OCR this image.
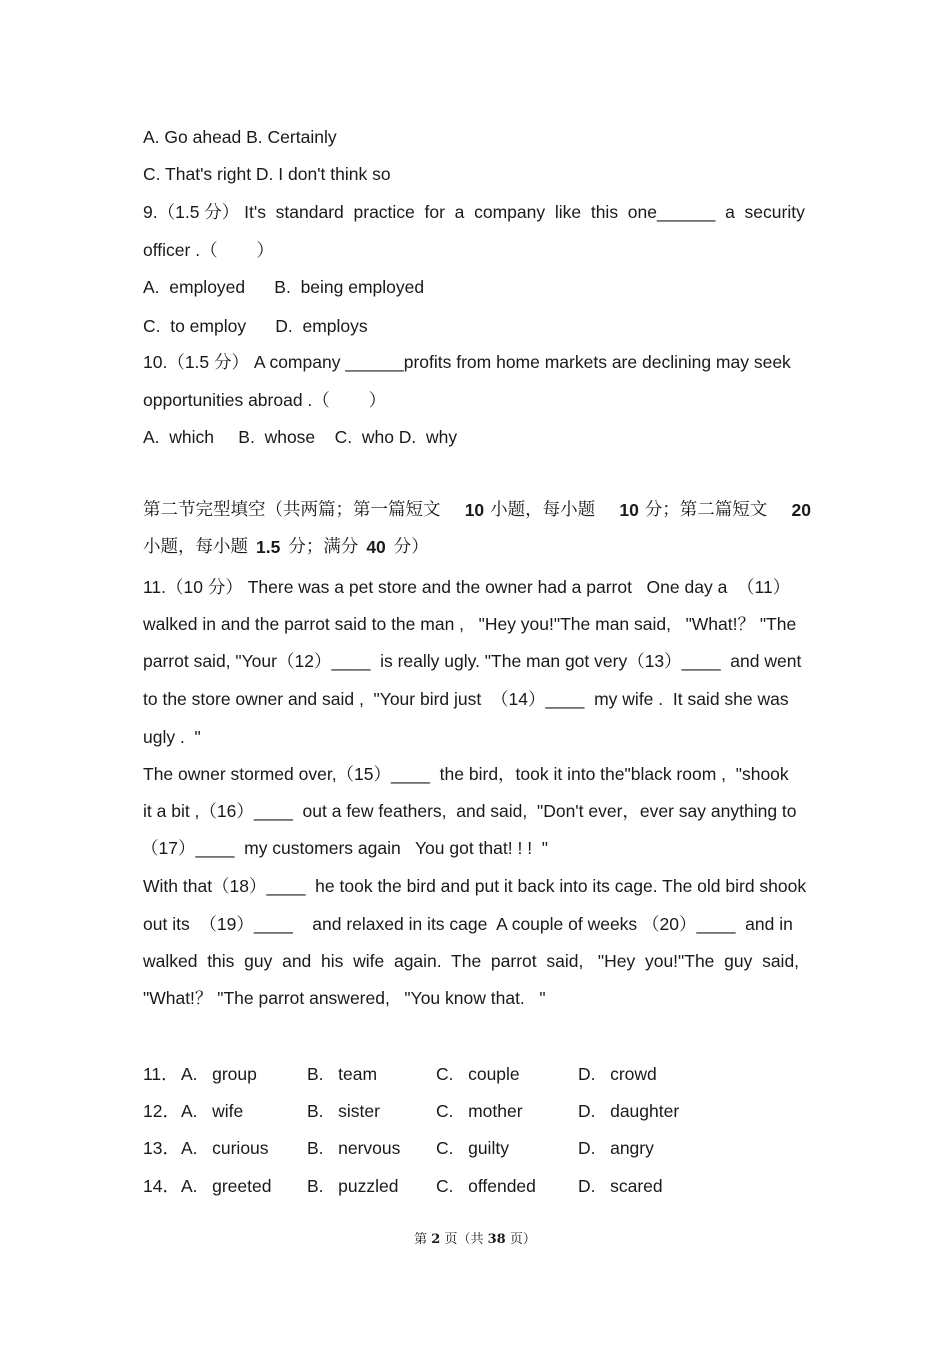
A. Go ahead B. Certainly
C. That's right D. I don't think so
9.（1.5 分） It's  standard  practice  for  a  company  like  this  one______  a  security
officer .（        ）
A.  employed      B.  being employed
C.  to employ      D.  employs
10.（1.5 分） A company ______profits from home markets are declining may seek
opportunities abroad .（        ）
A.  which     B.  whose    C.  who D.  why
第二节完型填空（共两篇；第一篇短文 10 小题，每小题 10 分；第二篇短文 20
小题，每小题 1.5 分；满分 40 分）
11.（10 分） There was a pet store and the owner had a parrot   One day a  （11）
walked in and the parrot said to the man ,   "Hey you!"The man said,   "What!？ "The
parrot said, "Your（12）____  is really ugly. "The man got very（13）____  and went
to the store owner and said ,  "Your bird just  （14）____  my wife .  It said she was
ugly .  "
The owner stormed over,（15）____  the bird，took it into the"black room ,  "shook
it a bit ,（16）____  out a few feathers,  and said,  "Don't ever，ever say anything to
（17）____  my customers again   You got that! ! !  "
With that（18）____  he took the bird and put it back into its cage. The old bird shook
out its  （19）____    and relaxed in its cage  A couple of weeks （20）____  and in
walked  this  guy  and  his  wife  again.  The  parrot  said,   "Hey  you!"The  guy  said,
"What!？ "The parrot answered,   "You know that.   "
11． A.   group	B.   team	C.   couple	D.   crowd
12． A.   wife	B.   sister	C.   mother	D.   daughter
13． A.   curious B.   nervous C.   guilty	D.   angry
14． A.   greeted B.   puzzled C.   offended D.   scared
第 2 页（共 38 页）
